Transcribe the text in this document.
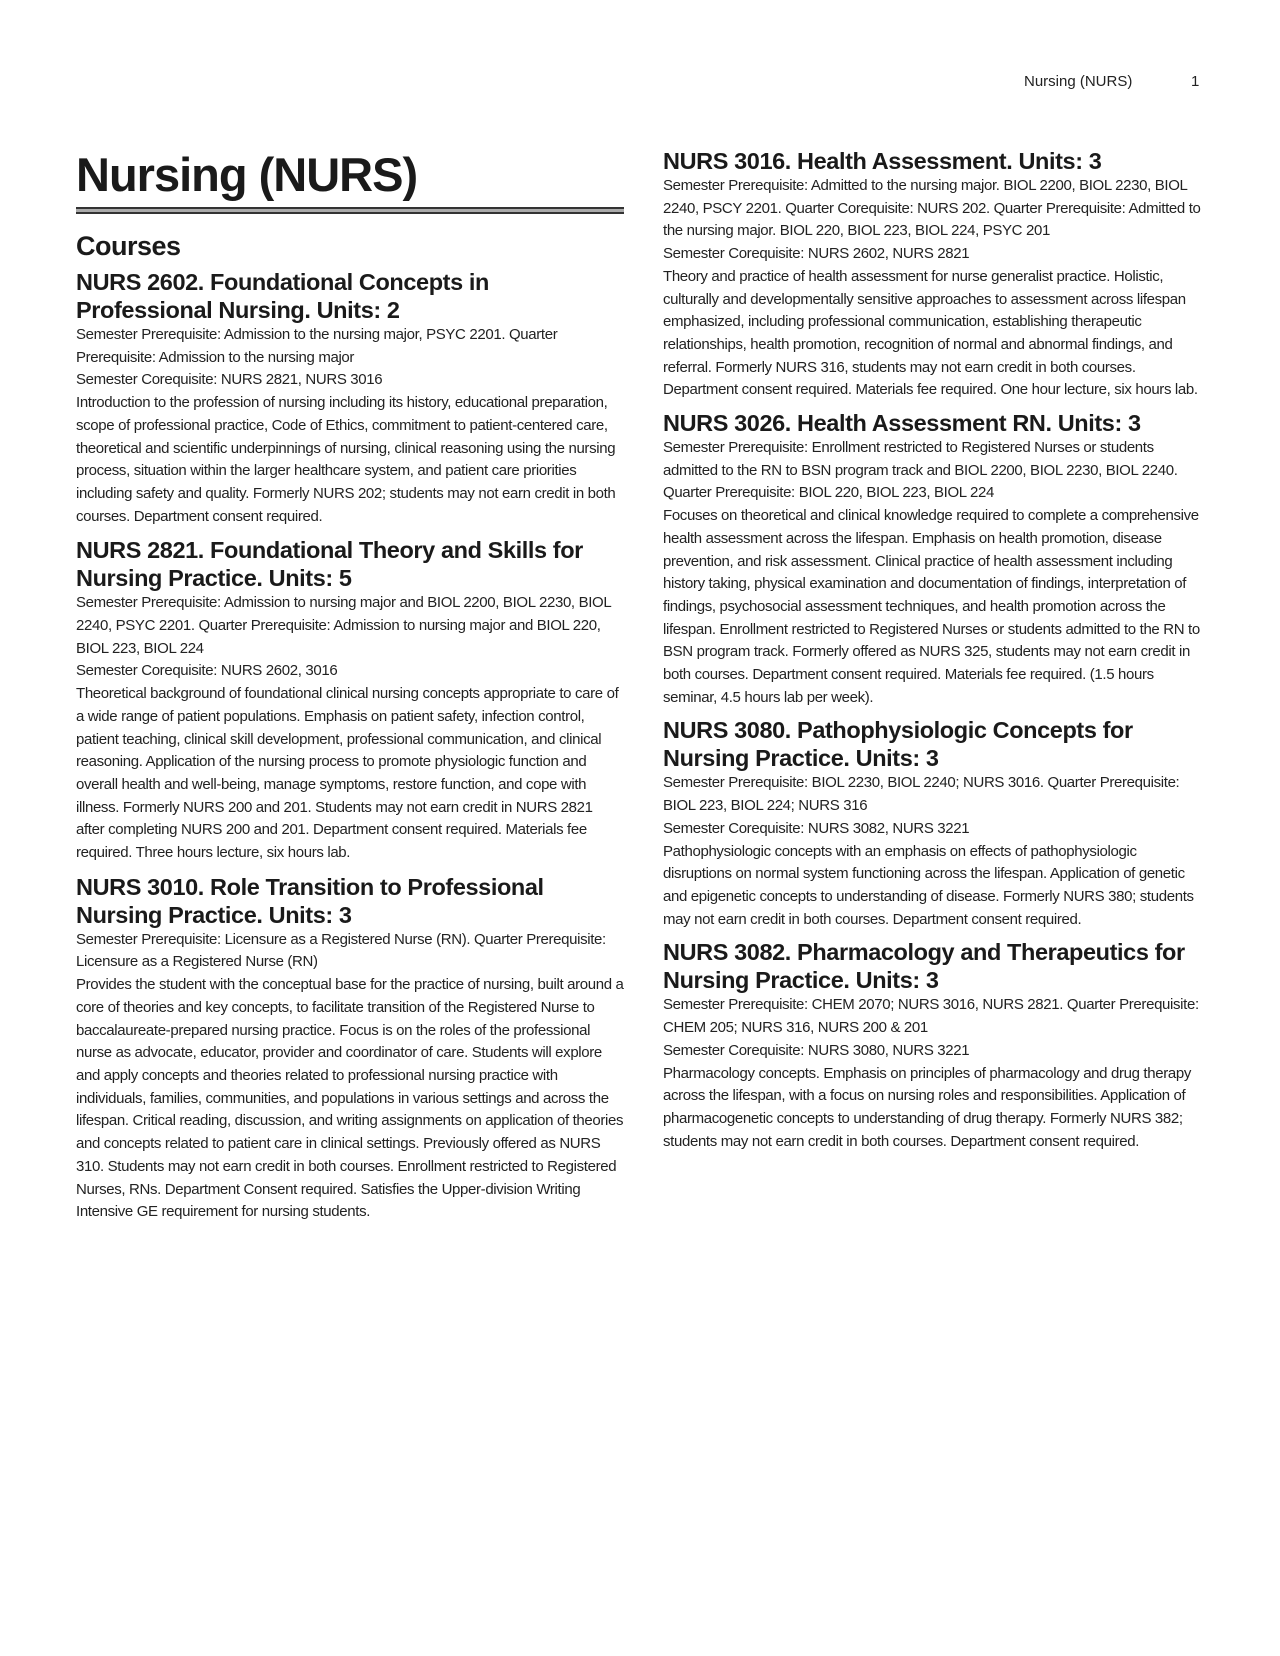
Nursing (NURS)	1
Nursing (NURS)
Courses
NURS 2602. Foundational Concepts in Professional Nursing. Units: 2

Semester Prerequisite: Admission to the nursing major, PSYC 2201. Quarter Prerequisite: Admission to the nursing major

Semester Corequisite: NURS 2821, NURS 3016

Introduction to the profession of nursing including its history, educational preparation, scope of professional practice, Code of Ethics, commitment to patient-centered care, theoretical and scientific underpinnings of nursing, clinical reasoning using the nursing process, situation within the larger healthcare system, and patient care priorities including safety and quality. Formerly NURS 202; students may not earn credit in both courses. Department consent required.

NURS 2821. Foundational Theory and Skills for Nursing Practice. Units: 5

Semester Prerequisite: Admission to nursing major and BIOL 2200, BIOL 2230, BIOL 2240, PSYC 2201. Quarter Prerequisite: Admission to nursing major and BIOL 220, BIOL 223, BIOL 224

Semester Corequisite: NURS 2602, 3016

Theoretical background of foundational clinical nursing concepts appropriate to care of a wide range of patient populations. Emphasis on patient safety, infection control, patient teaching, clinical skill development, professional communication, and clinical reasoning. Application of the nursing process to promote physiologic function and overall health and well-being, manage symptoms, restore function, and cope with illness. Formerly NURS 200 and 201. Students may not earn credit in NURS 2821 after completing NURS 200 and 201. Department consent required. Materials fee required. Three hours lecture, six hours lab.

NURS 3010. Role Transition to Professional Nursing Practice. Units: 3

Semester Prerequisite: Licensure as a Registered Nurse (RN). Quarter Prerequisite: Licensure as a Registered Nurse (RN)

Provides the student with the conceptual base for the practice of nursing, built around a core of theories and key concepts, to facilitate transition of the Registered Nurse to baccalaureate-prepared nursing practice. Focus is on the roles of the professional nurse as advocate, educator, provider and coordinator of care. Students will explore and apply concepts and theories related to professional nursing practice with individuals, families, communities, and populations in various settings and across the lifespan. Critical reading, discussion, and writing assignments on application of theories and concepts related to patient care in clinical settings. Previously offered as NURS 310. Students may not earn credit in both courses. Enrollment restricted to Registered Nurses, RNs. Department Consent required. Satisfies the Upper-division Writing Intensive GE requirement for nursing students.

NURS 3016. Health Assessment. Units: 3

Semester Prerequisite: Admitted to the nursing major. BIOL 2200, BIOL 2230, BIOL 2240, PSCY 2201. Quarter Corequisite: NURS 202. Quarter Prerequisite: Admitted to the nursing major. BIOL 220, BIOL 223, BIOL 224, PSYC 201

Semester Corequisite: NURS 2602, NURS 2821

Theory and practice of health assessment for nurse generalist practice. Holistic, culturally and developmentally sensitive approaches to assessment across lifespan emphasized, including professional communication, establishing therapeutic relationships, health promotion, recognition of normal and abnormal findings, and referral. Formerly NURS 316, students may not earn credit in both courses. Department consent required. Materials fee required. One hour lecture, six hours lab.

NURS 3026. Health Assessment RN. Units: 3

Semester Prerequisite: Enrollment restricted to Registered Nurses or students admitted to the RN to BSN program track and BIOL 2200, BIOL 2230, BIOL 2240. Quarter Prerequisite: BIOL 220, BIOL 223, BIOL 224

Focuses on theoretical and clinical knowledge required to complete a comprehensive health assessment across the lifespan. Emphasis on health promotion, disease prevention, and risk assessment. Clinical practice of health assessment including history taking, physical examination and documentation of findings, interpretation of findings, psychosocial assessment techniques, and health promotion across the lifespan. Enrollment restricted to Registered Nurses or students admitted to the RN to BSN program track. Formerly offered as NURS 325, students may not earn credit in both courses. Department consent required. Materials fee required. (1.5 hours seminar, 4.5 hours lab per week).

NURS 3080. Pathophysiologic Concepts for Nursing Practice. Units: 3

Semester Prerequisite: BIOL 2230, BIOL 2240; NURS 3016. Quarter Prerequisite: BIOL 223, BIOL 224; NURS 316

Semester Corequisite: NURS 3082, NURS 3221

Pathophysiologic concepts with an emphasis on effects of pathophysiologic disruptions on normal system functioning across the lifespan. Application of genetic and epigenetic concepts to understanding of disease. Formerly NURS 380; students may not earn credit in both courses. Department consent required.

NURS 3082. Pharmacology and Therapeutics for Nursing Practice. Units: 3

Semester Prerequisite: CHEM 2070; NURS 3016, NURS 2821. Quarter Prerequisite: CHEM 205; NURS 316, NURS 200 & 201

Semester Corequisite: NURS 3080, NURS 3221

Pharmacology concepts. Emphasis on principles of pharmacology and drug therapy across the lifespan, with a focus on nursing roles and responsibilities. Application of pharmacogenetic concepts to understanding of drug therapy. Formerly NURS 382; students may not earn credit in both courses. Department consent required.
